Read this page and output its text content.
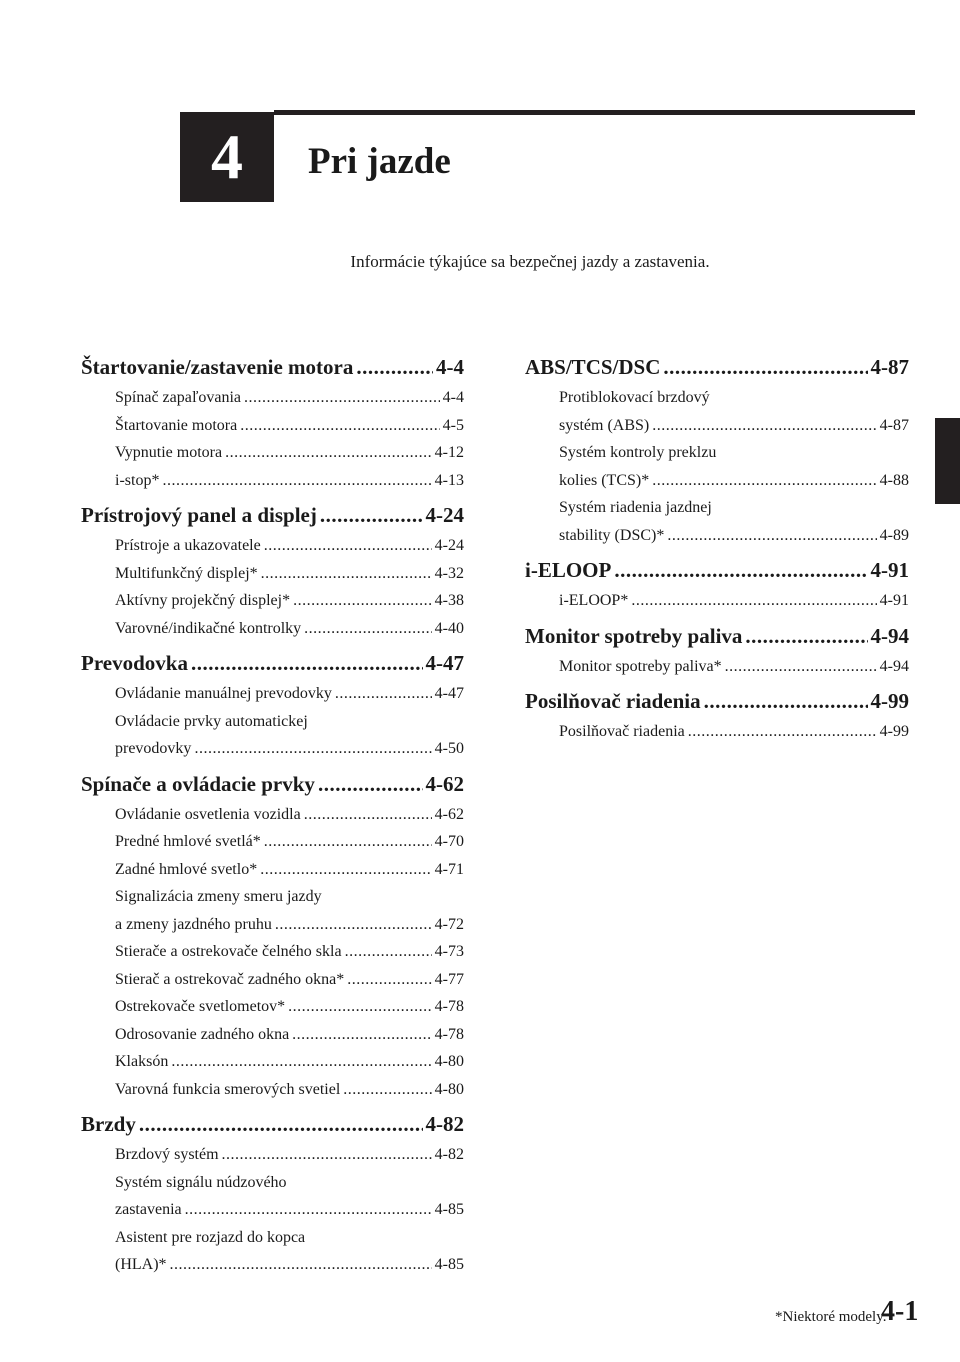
4 Pri jazde
Informácie týkajúce sa bezpečnej jazdy a zastavenia.
Štartovanie/zastavenie motora .....	4-4
Spínač zapaľovania .....	4-4
Štartovanie motora .....	4-5
Vypnutie motora .....	4-12
i-stop* .....	4-13
Prístrojový panel a displej .....	4-24
Prístroje a ukazovatele .....	4-24
Multifunkčný displej* .....	4-32
Aktívny projekčný displej* .....	4-38
Varovné/indikačné kontrolky .....	4-40
Prevodovka .....	4-47
Ovládanie manuálnej prevodovky .....	4-47
Ovládacie prvky automatickej
prevodovky .....	4-50
Spínače a ovládacie prvky .....	4-62
Ovládanie osvetlenia vozidla .....	4-62
Predné hmlové svetlá* .....	4-70
Zadné hmlové svetlo* .....	4-71
Signalizácia zmeny smeru jazdy
a zmeny jazdného pruhu .....	4-72
Stierače a ostrekovače čelného skla .....	4-73
Stierač a ostrekovač zadného okna* .....	4-77
Ostrekovače svetlometov* .....	4-78
Odrosovanie zadného okna .....	4-78
Klaksón .....	4-80
Varovná funkcia smerových svetiel .....	4-80
Brzdy .....	4-82
Brzdový systém .....	4-82
Systém signálu núdzového
zastavenia .....	4-85
Asistent pre rozjazd do kopca
(HLA)* .....	4-85
ABS/TCS/DSC .....	4-87
Protiblokovací brzdový
systém (ABS) .....	4-87
Systém kontroly preklzu
kolies (TCS)* .....	4-88
Systém riadenia jazdnej
stability (DSC)* .....	4-89
i-ELOOP .....	4-91
i-ELOOP* .....	4-91
Monitor spotreby paliva .....	4-94
Monitor spotreby paliva* .....	4-94
Posilňovač riadenia .....	4-99
Posilňovač riadenia .....	4-99
*Niektoré modely.
4-1
